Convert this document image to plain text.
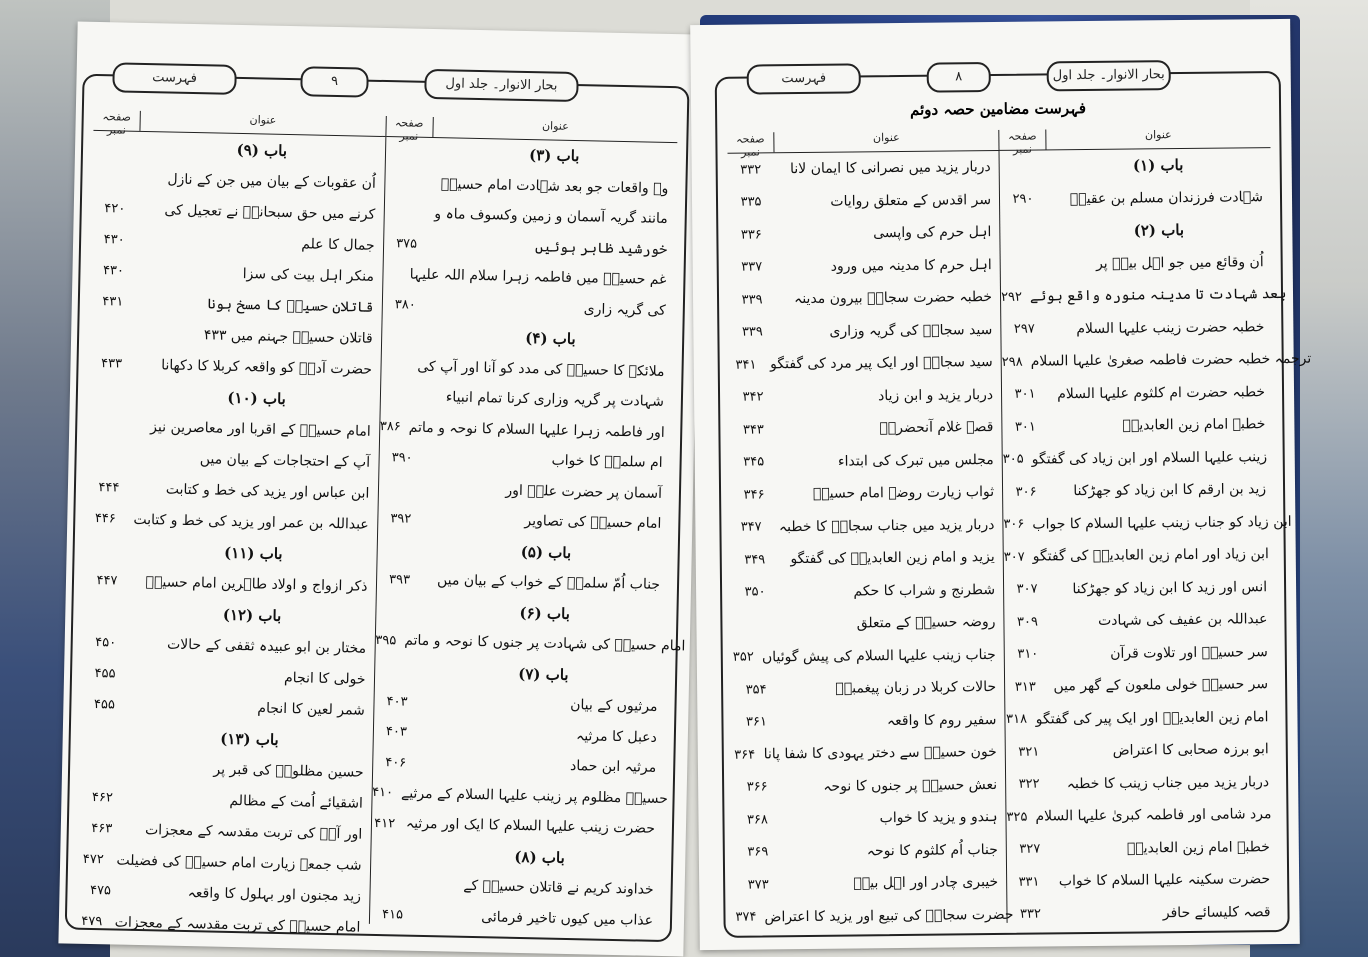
فہرست	۹	بحار الانوار۔ جلد اول
صفحہ نمبر
عنوان
باب (۹)
اُن عقوبات کے بیان میں جن کے نازل
۴۲۰	کرنے میں حق سبحانہٗ نے تعجیل کی
۴۳۰	جمال کا علم
۴۳۰	منکر اہل بیت کی سزا
۴۳۱	قاتلان حسینؑ کا مسخ ہونا
قاتلان حسینؑ جہنم میں ۴۳۳
۴۳۳	حضرت آدمؑ کو واقعہ کربلا کا دکھانا
باب (۱۰)
امام حسینؑ کے اقربا اور معاصرین نیز
آپ کے احتجاجات کے بیان میں
۴۴۴	ابن عباس اور یزید کی خط و کتابت
۴۴۶	عبداللہ بن عمر اور یزید کی خط و کتابت
باب (۱۱)
۴۴۷	ذکر ازواج و اولاد طاہرین امام حسینؑ
باب (۱۲)
۴۵۰	مختار بن ابو عبیدہ ثقفی کے حالات
۴۵۵	خولی کا انجام
۴۵۵	شمر لعین کا انجام
باب (۱۳)
حسین مظلومؑ کی قبر پر
۴۶۲	اشقیائے اُمت کے مظالم
۴۶۳	اور آپؑ کی تربت مقدسہ کے معجزات
۴۷۲ شب جمعہ زیارت امام حسینؑ کی فضیلت
۴۷۵	زید مجنون اور بہلول کا واقعہ
۴۷۹ امام حسینؑ کی تربت مقدسہ کے معجزات
صفحہ نمبر
عنوان
باب (۳)
وہ واقعات جو بعد شہادت امام حسینؑ
مانند گریہ آسمان و زمین وکسوف ماہ و
۳۷۵	خورشید ظاہر ہوئیں
غم حسینؑ میں فاطمہ زہرا سلام اللہ علیہا
۳۸۰	کی گریہ زاری
باب (۴)
ملائکہ کا حسینؑ کی مدد کو آنا اور آپ کی
شہادت پر گریہ وزاری کرنا تمام انبیاء
۳۸۶ اور فاطمہ زہرا علیہا السلام کا نوحہ و ماتم
۳۹۰	ام سلمہؓ کا خواب
آسمان پر حضرت علیؑ اور
۳۹۲	امام حسینؑ کی تصاویر
باب (۵)
۳۹۳	جناب اُمّ سلمہؓ کے خواب کے بیان میں
باب (۶)
۳۹۵ امام حسینؑ کی شہادت پر جنوں کا نوحہ و ماتم
باب (۷)
۴۰۳	مرثیوں کے بیان
۴۰۳	دعبل کا مرثیہ
۴۰۶	مرثیہ ابن حماد
۴۱۰ حسینؑ مظلوم پر زینب علیہا السلام کے مرثیے
۴۱۲ حضرت زینب علیہا السلام کا ایک اور مرثیہ
باب (۸)
خداوند کریم نے قاتلان حسینؑ کے
۴۱۵	عذاب میں کیوں تاخیر فرمائی
فہرست	۸	بحار الانوار۔ جلد اول
فہرست مضامین حصہ دوئم
صفحہ نمبر
عنوان
۳۳۲	دربار یزید میں نصرانی کا ایمان لانا
۳۳۵	سر اقدس کے متعلق روایات
۳۳۶	اہل حرم کی واپسی
۳۳۷	اہل حرم کا مدینہ میں ورود
۳۳۹	خطبہ حضرت سجادؑ بیرون مدینہ
۳۳۹	سید سجادؑ کی گریہ وزاری
۳۴۱ سید سجادؑ اور ایک پیر مرد کی گفتگو
۳۴۲	دربار یزید و ابن زیاد
۳۴۳	قصہ غلام آنحضرتؐ
۳۴۵	مجلس میں تبرک کی ابتداء
۳۴۶	ثواب زیارت روضہ امام حسینؑ
۳۴۷	دربار یزید میں جناب سجادؑ کا خطبہ
۳۴۹	یزید و امام زین العابدینؑ کی گفتگو
۳۵۰	شطرنج و شراب کا حکم
روضہ حسینؑ کے متعلق
۳۵۲ جناب زینب علیہا السلام کی پیش گوئیاں
۳۵۴	حالات کربلا در زبان پیغمبرؐ
۳۶۱	سفیر روم کا واقعہ
۳۶۴ خون حسینؑ سے دختر یہودی کا شفا پانا
۳۶۶	نعش حسینؑ پر جنوں کا نوحہ
۳۶۸	ہندو و یزید کا خواب
۳۶۹	جناب اُم کلثوم کا نوحہ
۳۷۳	خیبری چادر اور اہل بیتؑ
۳۷۴ حضرت سجادؑ کی تبیع اور یزید کا اعتراض
صفحہ نمبر
عنوان
باب (۱)
۲۹۰	شہادت فرزندان مسلم بن عقیلؑ
باب (۲)
اُن وقائع میں جو اہل بیتؑ پر
۲۹۲ بعد شہادت تا مدینہ منورہ واقع ہوئے
۲۹۷	خطبہ حضرت زینب علیہا السلام
۲۹۸ ترجمہ خطبہ حضرت فاطمہ صغریٰ علیہا السلام
۳۰۱	خطبہ حضرت ام کلثوم علیہا السلام
۳۰۱	خطبہ امام زین العابدینؑ
۳۰۵ زینب علیہا السلام اور ابن زیاد کی گفتگو
۳۰۶	زید بن ارقم کا ابن زیاد کو جھڑکنا
۳۰۶ ابن زیاد کو جناب زینب علیہا السلام کا جواب
۳۰۷ ابن زیاد اور امام زین العابدینؑ کی گفتگو
۳۰۷	انس اور زید کا ابن زیاد کو جھڑکنا
۳۰۹	عبداللہ بن عفیف کی شہادت
۳۱۰	سر حسینؑ اور تلاوت قرآن
۳۱۳	سر حسینؑ خولی ملعون کے گھر میں
۳۱۸ امام زین العابدینؑ اور ایک پیر کی گفتگو
۳۲۱	ابو برزہ صحابی کا اعتراض
۳۲۲	دربار یزید میں جناب زینب کا خطبہ
۳۲۵ مرد شامی اور فاطمہ کبریٰ علیہا السلام
۳۲۷	خطبہ امام زین العابدینؑ
۳۳۱	حضرت سکینہ علیہا السلام کا خواب
۳۳۲	قصہ کلیسائے حافر
